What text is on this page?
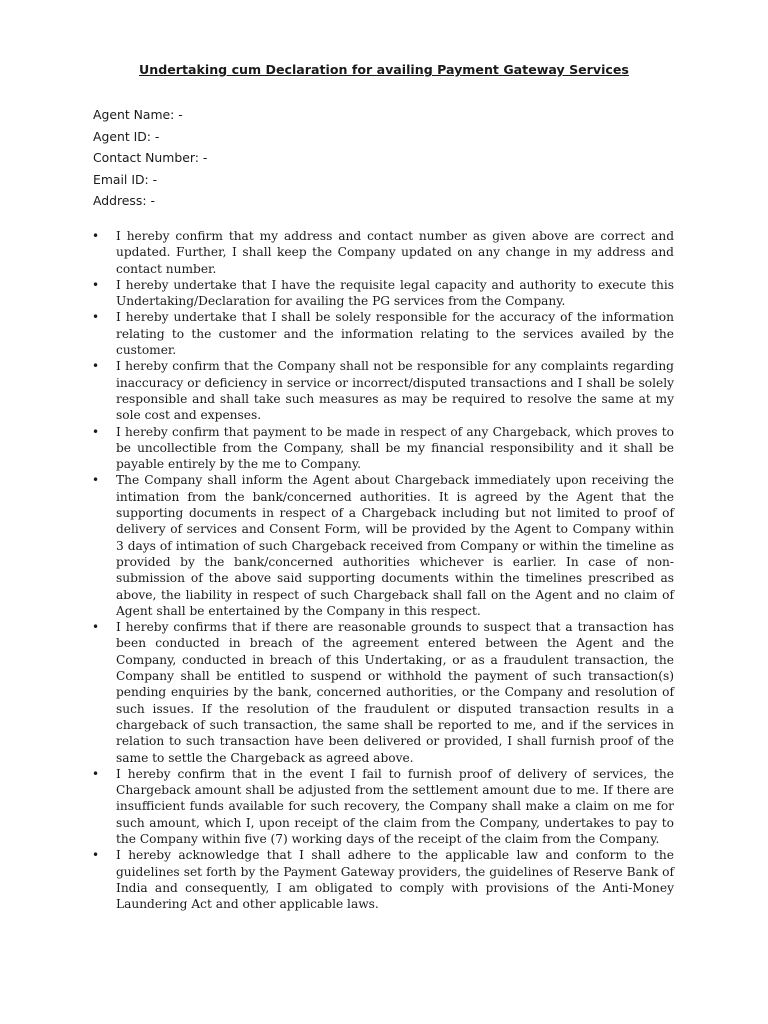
Undertaking cum Declaration for availing Payment Gateway Services
Agent Name: -
Agent ID: -
Contact Number: -
Email ID: -
Address: -
• I hereby confirm that my address and contact number as given above are correct and updated. Further, I shall keep the Company updated on any change in my address and contact number.
• I hereby undertake that I have the requisite legal capacity and authority to execute this Undertaking/Declaration for availing the PG services from the Company.
• I hereby undertake that I shall be solely responsible for the accuracy of the information relating to the customer and the information relating to the services availed by the customer.
• I hereby confirm that the Company shall not be responsible for any complaints regarding inaccuracy or deficiency in service or incorrect/disputed transactions and I shall be solely responsible and shall take such measures as may be required to resolve the same at my sole cost and expenses.
• I hereby confirm that payment to be made in respect of any Chargeback, which proves to be uncollectible from the Company, shall be my financial responsibility and it shall be payable entirely by the me to Company.
• The Company shall inform the Agent about Chargeback immediately upon receiving the intimation from the bank/concerned authorities. It is agreed by the Agent that the supporting documents in respect of a Chargeback including but not limited to proof of delivery of services and Consent Form, will be provided by the Agent to Company within 3 days of intimation of such Chargeback received from Company or within the timeline as provided by the bank/concerned authorities whichever is earlier. In case of non-submission of the above said supporting documents within the timelines prescribed as above, the liability in respect of such Chargeback shall fall on the Agent and no claim of Agent shall be entertained by the Company in this respect.
• I hereby confirms that if there are reasonable grounds to suspect that a transaction has been conducted in breach of the agreement entered between the Agent and the Company, conducted in breach of this Undertaking, or as a fraudulent transaction, the Company shall be entitled to suspend or withhold the payment of such transaction(s) pending enquiries by the bank, concerned authorities, or the Company and resolution of such issues. If the resolution of the fraudulent or disputed transaction results in a chargeback of such transaction, the same shall be reported to me, and if the services in relation to such transaction have been delivered or provided, I shall furnish proof of the same to settle the Chargeback as agreed above.
• I hereby confirm that in the event I fail to furnish proof of delivery of services, the Chargeback amount shall be adjusted from the settlement amount due to me. If there are insufficient funds available for such recovery, the Company shall make a claim on me for such amount, which I, upon receipt of the claim from the Company, undertakes to pay to the Company within five (7) working days of the receipt of the claim from the Company.
• I hereby acknowledge that I shall adhere to the applicable law and conform to the guidelines set forth by the Payment Gateway providers, the guidelines of Reserve Bank of India and consequently, I am obligated to comply with provisions of the Anti-Money Laundering Act and other applicable laws.
